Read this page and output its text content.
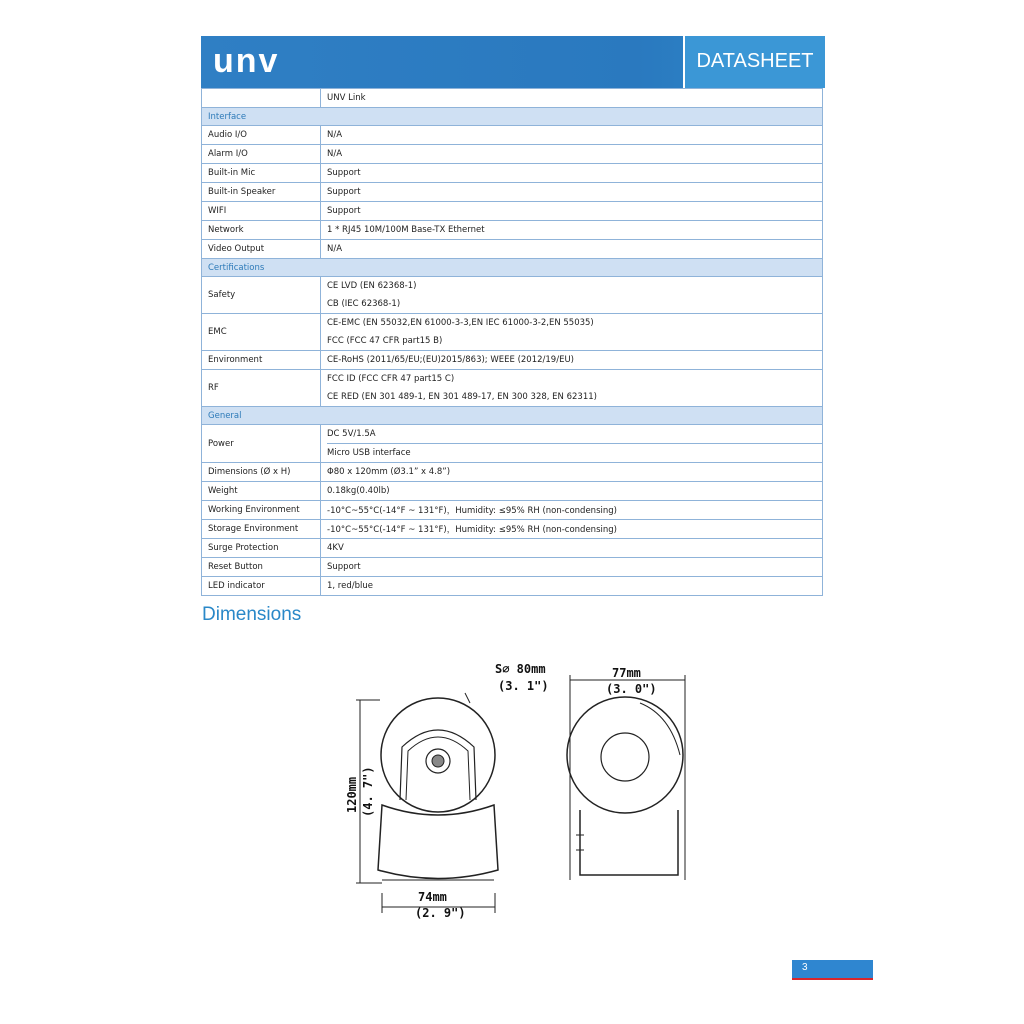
unv	DATASHEET
	UNV Link
Interface	
Audio I/O	N/A
Alarm I/O	N/A
Built-in Mic	Support
Built-in Speaker	Support
WIFI	Support
Network	1 * RJ45 10M/100M Base-TX Ethernet
Video Output	N/A
Certifications	
Safety	CE LVD (EN 62368-1)
CB (IEC 62368-1)

EMC	CE-EMC (EN 55032,EN 61000-3-3,EN IEC 61000-3-2,EN 55035)
FCC (FCC 47 CFR part15 B)

Environment	CE-RoHS (2011/65/EU;(EU)2015/863); WEEE (2012/19/EU)
RF	FCC ID (FCC CFR 47 part15 C)
CE RED (EN 301 489-1, EN 301 489-17, EN 300 328, EN 62311)

General	
Power	DC 5V/1.5A
Micro USB interface

Dimensions (Ø x H)	Φ80 x 120mm (Ø3.1” x 4.8”)
Weight	0.18kg(0.40lb)
Working Environment	-10°C~55°C(-14°F ~ 131°F)，Humidity: ≤95% RH (non-condensing)
Storage Environment	-10°C~55°C(-14°F ~ 131°F)，Humidity: ≤95% RH (non-condensing)
Surge Protection	4KV
Reset Button	Support
LED indicator	1, red/blue
Dimensions
S∅ 80mm
(3. 1")
77mm
(3. 0")
74mm
(2. 9")
120mm (4. 7")
3
